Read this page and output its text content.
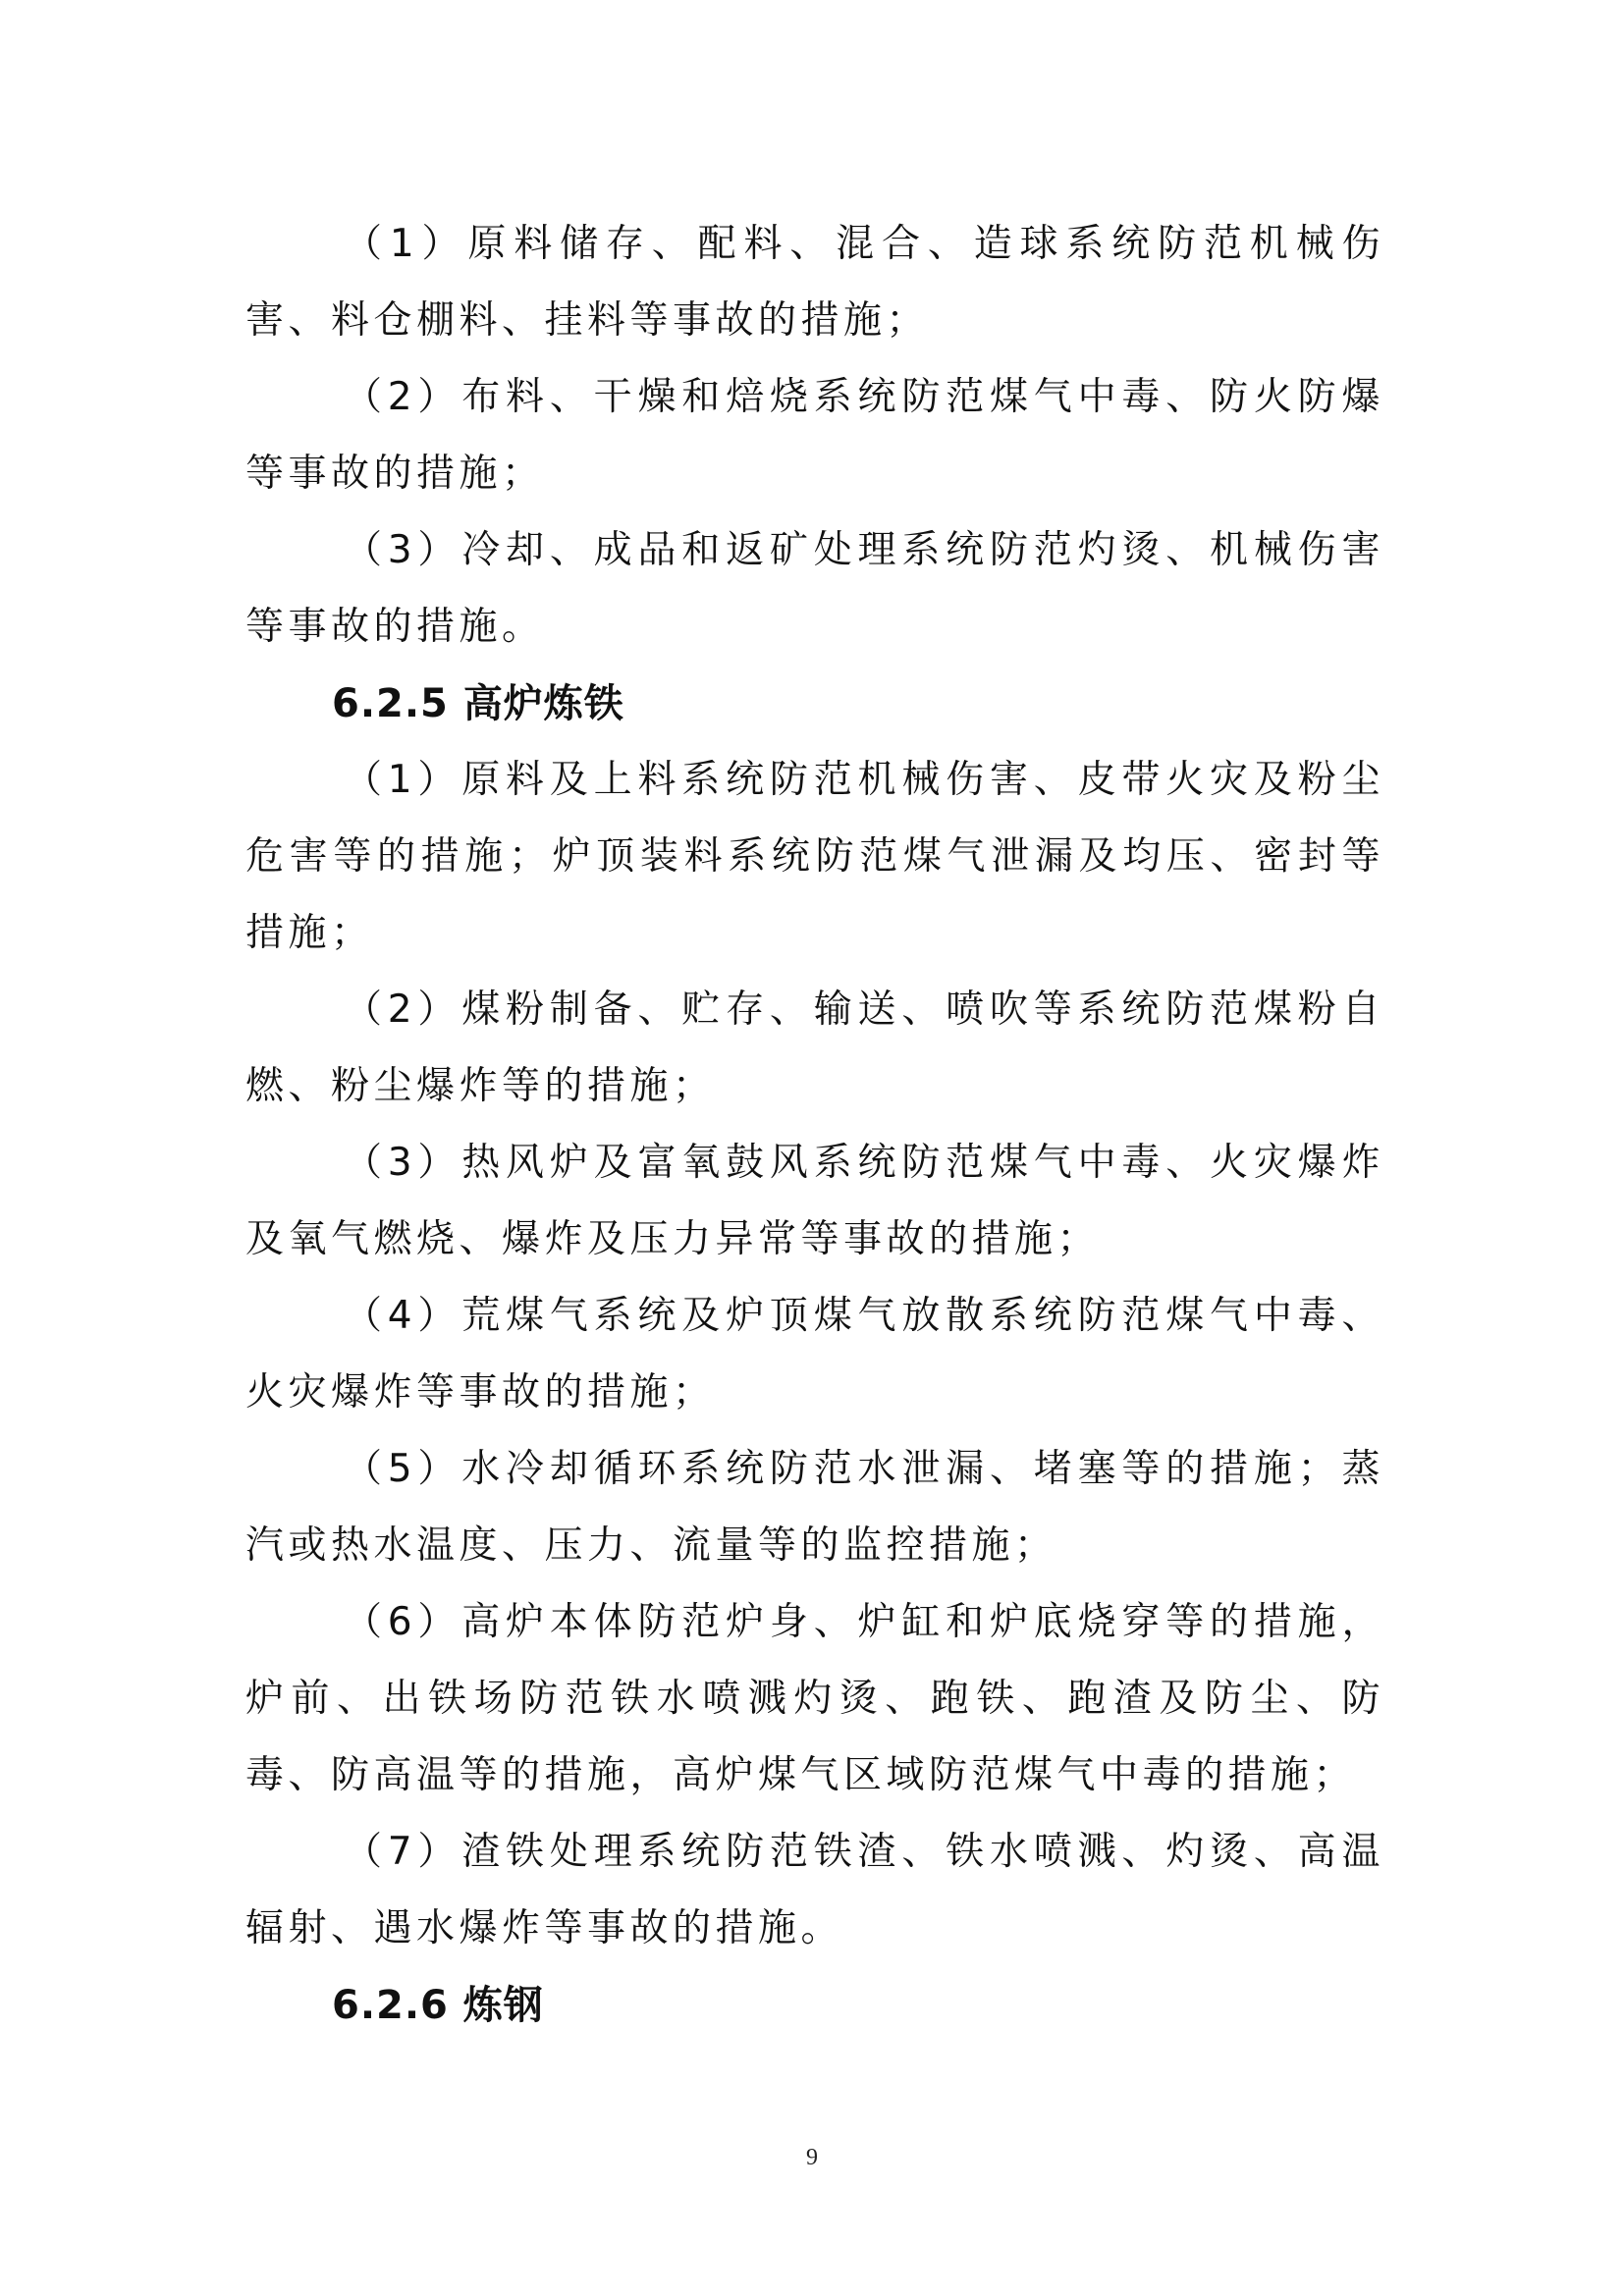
（1）原料储存、配料、混合、造球系统防范机械伤害、料仓棚料、挂料等事故的措施；

（2）布料、干燥和焙烧系统防范煤气中毒、防火防爆等事故的措施；

（3）冷却、成品和返矿处理系统防范灼烫、机械伤害等事故的措施。

6.2.5 高炉炼铁

（1）原料及上料系统防范机械伤害、皮带火灾及粉尘危害等的措施；炉顶装料系统防范煤气泄漏及均压、密封等措施；

（2）煤粉制备、贮存、输送、喷吹等系统防范煤粉自燃、粉尘爆炸等的措施；

（3）热风炉及富氧鼓风系统防范煤气中毒、火灾爆炸及氧气燃烧、爆炸及压力异常等事故的措施；

（4）荒煤气系统及炉顶煤气放散系统防范煤气中毒、火灾爆炸等事故的措施；

（5）水冷却循环系统防范水泄漏、堵塞等的措施；蒸汽或热水温度、压力、流量等的监控措施；

（6）高炉本体防范炉身、炉缸和炉底烧穿等的措施，炉前、出铁场防范铁水喷溅灼烫、跑铁、跑渣及防尘、防毒、防高温等的措施，高炉煤气区域防范煤气中毒的措施；

（7）渣铁处理系统防范铁渣、铁水喷溅、灼烫、高温辐射、遇水爆炸等事故的措施。

6.2.6 炼钢

9
